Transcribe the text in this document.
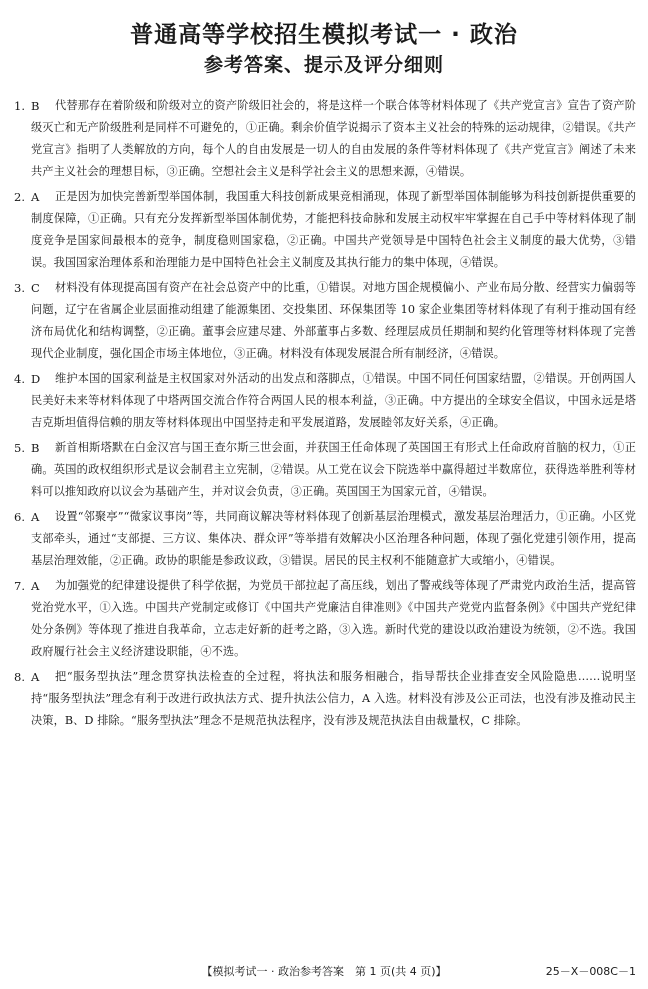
普通高等学校招生模拟考试一 · 政治
参考答案、提示及评分细则
1. B	代替那存在着阶级和阶级对立的资产阶级旧社会的，将是这样一个联合体等材料体现了《共产党宣言》宣告了资产阶级灭亡和无产阶级胜利是同样不可避免的，①正确。剩余价值学说揭示了资本主义社会的特殊的运动规律，②错误。《共产党宣言》指明了人类解放的方向，每个人的自由发展是一切人的自由发展的条件等材料体现了《共产党宣言》阐述了未来共产主义社会的理想目标，③正确。空想社会主义是科学社会主义的思想来源，④错误。
2. A	正是因为加快完善新型举国体制，我国重大科技创新成果竞相涌现，体现了新型举国体制能够为科技创新提供重要的制度保障，①正确。只有充分发挥新型举国体制优势，才能把科技命脉和发展主动权牢牢掌握在自己手中等材料体现了制度竞争是国家间最根本的竞争，制度稳则国家稳，②正确。中国共产党领导是中国特色社会主义制度的最大优势，③错误。我国国家治理体系和治理能力是中国特色社会主义制度及其执行能力的集中体现，④错误。
3. C	材料没有体现提高国有资产在社会总资产中的比重，①错误。对地方国企规模偏小、产业布局分散、经营实力偏弱等问题，辽宁在省属企业层面推动组建了能源集团、交投集团、环保集团等 10 家企业集团等材料体现了有利于推动国有经济布局优化和结构调整，②正确。董事会应建尽建、外部董事占多数、经理层成员任期制和契约化管理等材料体现了完善现代企业制度，强化国企市场主体地位，③正确。材料没有体现发展混合所有制经济，④错误。
4. D	维护本国的国家利益是主权国家对外活动的出发点和落脚点，①错误。中国不同任何国家结盟，②错误。开创两国人民美好未来等材料体现了中塔两国交流合作符合两国人民的根本利益，③正确。中方提出的全球安全倡议，中国永远是塔吉克斯坦值得信赖的朋友等材料体现出中国坚持走和平发展道路，发展睦邻友好关系，④正确。
5. B	新首相斯塔默在白金汉宫与国王查尔斯三世会面，并获国王任命体现了英国国王有形式上任命政府首脑的权力，①正确。英国的政权组织形式是议会制君主立宪制，②错误。从工党在议会下院选举中赢得超过半数席位，获得选举胜利等材料可以推知政府以议会为基础产生，并对议会负责，③正确。英国国王为国家元首，④错误。
6. A	设置“邻聚亭”“微家议事岗”等，共同商议解决等材料体现了创新基层治理模式，激发基层治理活力，①正确。小区党支部牵头，通过“支部提、三方议、集体决、群众评”等举措有效解决小区治理各种问题，体现了强化党建引领作用，提高基层治理效能，②正确。政协的职能是参政议政，③错误。居民的民主权利不能随意扩大或缩小，④错误。
7. A	为加强党的纪律建设提供了科学依据，为党员干部拉起了高压线，划出了警戒线等体现了严肃党内政治生活，提高管党治党水平，①入选。中国共产党制定或修订《中国共产党廉洁自律准则》《中国共产党党内监督条例》《中国共产党纪律处分条例》等体现了推进自我革命，立志走好新的赶考之路，③入选。新时代党的建设以政治建设为统领，②不选。我国政府履行社会主义经济建设职能，④不选。
8. A	把“服务型执法”理念贯穿执法检查的全过程，将执法和服务相融合，指导帮扶企业排查安全风险隐患……说明坚持“服务型执法”理念有利于改进行政执法方式、提升执法公信力，A 入选。材料没有涉及公正司法，也没有涉及推动民主决策，B、D 排除。“服务型执法”理念不是规范执法程序，没有涉及规范执法自由裁量权，C 排除。
【模拟考试一 · 政治参考答案　第 1 页(共 4 页)】	25－X－008C－1
